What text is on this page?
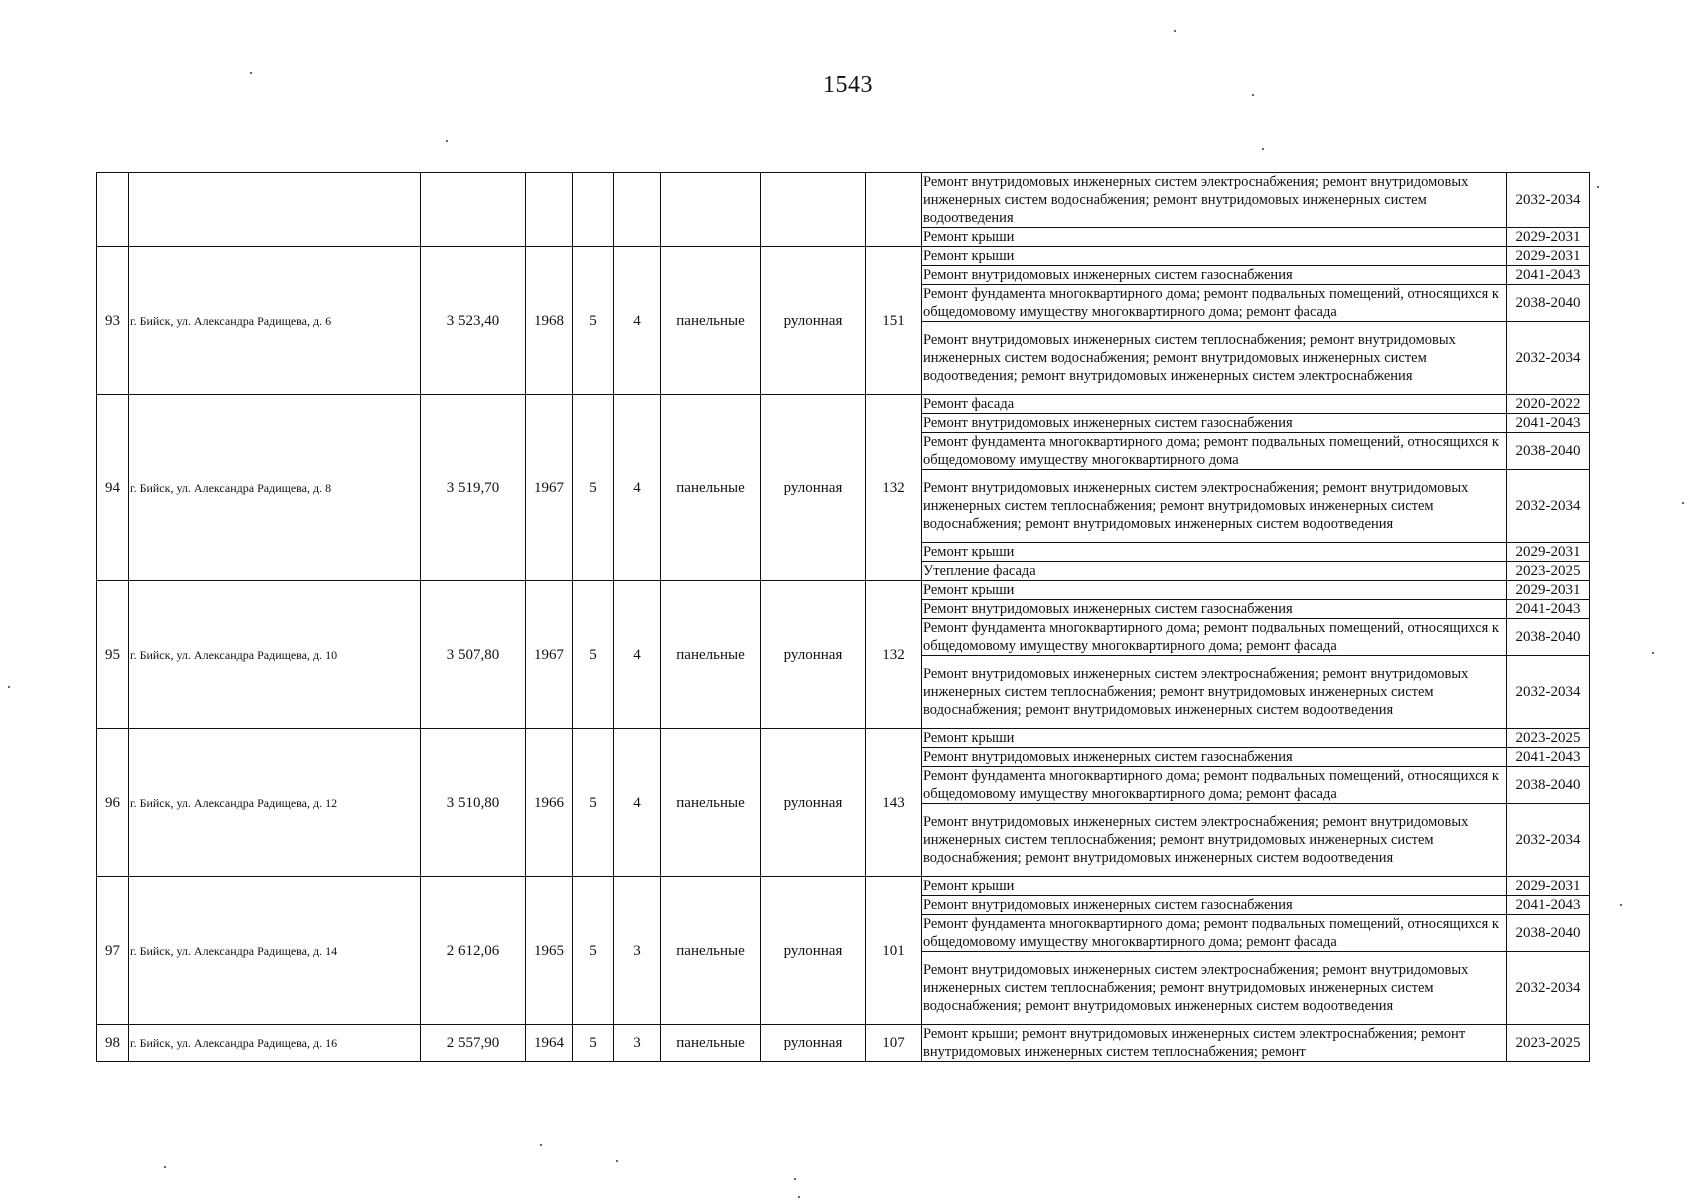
1543
									Ремонт внутридомовых инженерных систем электроснабжения; ремонт внутридомовых инженерных систем водоснабжения; ремонт внутридомовых инженерных систем водоотведения	2032-2034
									Ремонт крыши	2029-2031
93	г. Бийск, ул. Александра Радищева, д. 6	3 523,40	1968	5	4	панельные	рулонная	151	Ремонт крыши	2029-2031
									Ремонт внутридомовых инженерных систем газоснабжения	2041-2043
									Ремонт фундамента многоквартирного дома; ремонт подвальных помещений, относящихся к общедомовому имуществу многоквартирного дома; ремонт фасада	2038-2040
									Ремонт внутридомовых инженерных систем теплоснабжения; ремонт внутридомовых инженерных систем водоснабжения; ремонт внутридомовых инженерных систем водоотведения; ремонт внутридомовых инженерных систем электроснабжения	2032-2034
94	г. Бийск, ул. Александра Радищева, д. 8	3 519,70	1967	5	4	панельные	рулонная	132	Ремонт фасада	2020-2022
									Ремонт внутридомовых инженерных систем газоснабжения	2041-2043
									Ремонт фундамента многоквартирного дома; ремонт подвальных помещений, относящихся к общедомовому имуществу многоквартирного дома	2038-2040
									Ремонт внутридомовых инженерных систем электроснабжения; ремонт внутридомовых инженерных систем теплоснабжения; ремонт внутридомовых инженерных систем водоснабжения; ремонт внутридомовых инженерных систем водоотведения	2032-2034
									Ремонт крыши	2029-2031
									Утепление фасада	2023-2025
95	г. Бийск, ул. Александра Радищева, д. 10	3 507,80	1967	5	4	панельные	рулонная	132	Ремонт крыши	2029-2031
									Ремонт внутридомовых инженерных систем газоснабжения	2041-2043
									Ремонт фундамента многоквартирного дома; ремонт подвальных помещений, относящихся к общедомовому имуществу многоквартирного дома; ремонт фасада	2038-2040
									Ремонт внутридомовых инженерных систем электроснабжения; ремонт внутридомовых инженерных систем теплоснабжения; ремонт внутридомовых инженерных систем водоснабжения; ремонт внутридомовых инженерных систем водоотведения	2032-2034
96	г. Бийск, ул. Александра Радищева, д. 12	3 510,80	1966	5	4	панельные	рулонная	143	Ремонт крыши	2023-2025
									Ремонт внутридомовых инженерных систем газоснабжения	2041-2043
									Ремонт фундамента многоквартирного дома; ремонт подвальных помещений, относящихся к общедомовому имуществу многоквартирного дома; ремонт фасада	2038-2040
									Ремонт внутридомовых инженерных систем электроснабжения; ремонт внутридомовых инженерных систем теплоснабжения; ремонт внутридомовых инженерных систем водоснабжения; ремонт внутридомовых инженерных систем водоотведения	2032-2034
97	г. Бийск, ул. Александра Радищева, д. 14	2 612,06	1965	5	3	панельные	рулонная	101	Ремонт крыши	2029-2031
									Ремонт внутридомовых инженерных систем газоснабжения	2041-2043
									Ремонт фундамента многоквартирного дома; ремонт подвальных помещений, относящихся к общедомовому имуществу многоквартирного дома; ремонт фасада	2038-2040
									Ремонт внутридомовых инженерных систем электроснабжения; ремонт внутридомовых инженерных систем теплоснабжения; ремонт внутридомовых инженерных систем водоснабжения; ремонт внутридомовых инженерных систем водоотведения	2032-2034
98	г. Бийск, ул. Александра Радищева, д. 16	2 557,90	1964	5	3	панельные	рулонная	107	Ремонт крыши; ремонт внутридомовых инженерных систем электроснабжения; ремонт внутридомовых инженерных систем теплоснабжения; ремонт	2023-2025
